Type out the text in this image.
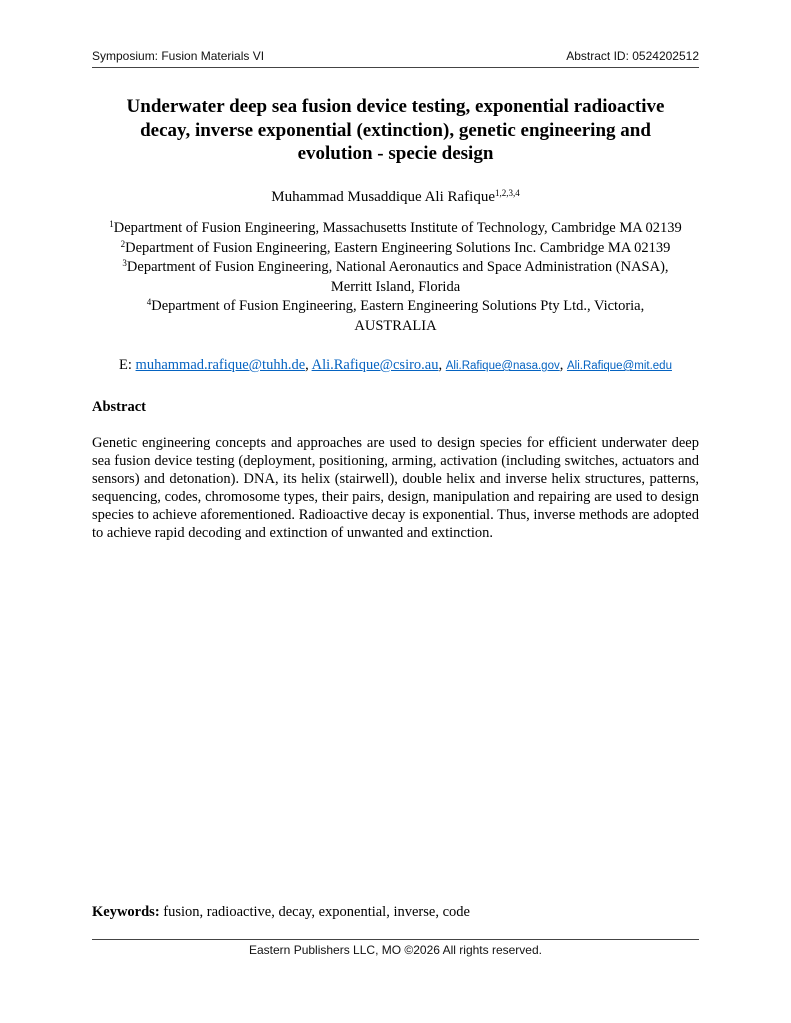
Symposium: Fusion Materials VI	Abstract ID: 0524202512
Underwater deep sea fusion device testing, exponential radioactive
decay, inverse exponential (extinction), genetic engineering and
evolution - specie design
Muhammad Musaddique Ali Rafique$^{1,2,3,4}$
$^1$Department of Fusion Engineering, Massachusetts Institute of Technology, Cambridge MA 02139
$^2$Department of Fusion Engineering, Eastern Engineering Solutions Inc. Cambridge MA 02139
$^3$Department of Fusion Engineering, National Aeronautics and Space Administration (NASA),
Merritt Island, Florida
$^4$Department of Fusion Engineering, Eastern Engineering Solutions Pty Ltd., Victoria,
AUSTRALIA
E: muhammad.rafique@tuhh.de, Ali.Rafique@csiro.au, Ali.Rafique@nasa.gov, Ali.Rafique@mit.edu
Abstract
Genetic engineering concepts and approaches are used to design species for efficient underwater deep sea fusion device testing (deployment, positioning, arming, activation (including switches, actuators and sensors) and detonation). DNA, its helix (stairwell), double helix and inverse helix structures, patterns, sequencing, codes, chromosome types, their pairs, design, manipulation and repairing are used to design species to achieve aforementioned. Radioactive decay is exponential. Thus, inverse methods are adopted to achieve rapid decoding and extinction of unwanted and extinction.
Keywords: fusion, radioactive, decay, exponential, inverse, code
Eastern Publishers LLC, MO ©2026 All rights reserved.
